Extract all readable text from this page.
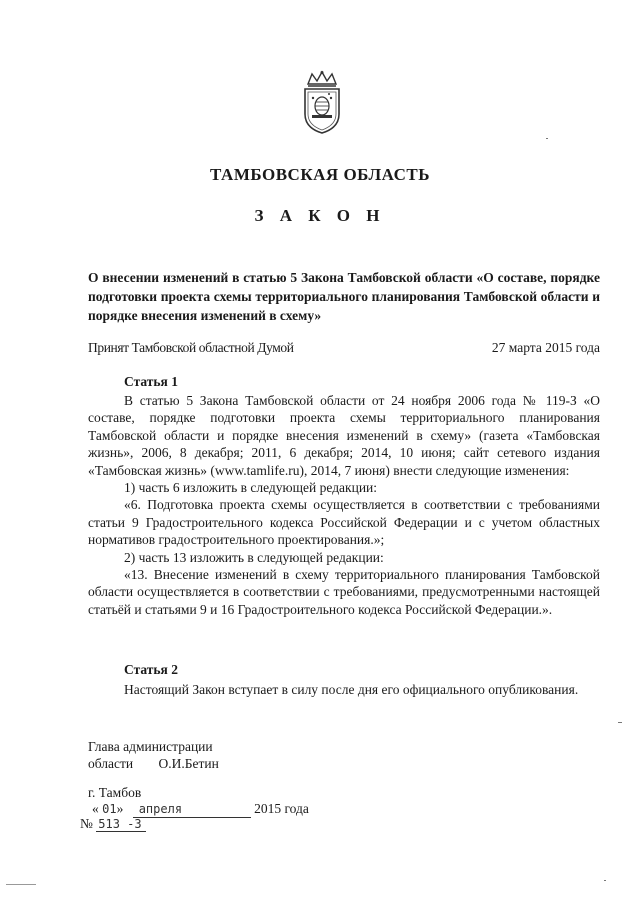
ТАМБОВСКАЯ ОБЛАСТЬ
З А К О Н
О внесении изменений в статью 5 Закона Тамбовской области «О составе, порядке подготовки проекта схемы территориального планирования Тамбовской области и порядке внесения изменений в схему»
Принят Тамбовской областной Думой	27 марта 2015 года
Статья 1
В статью 5 Закона Тамбовской области от 24 ноября 2006 года № 119-З «О составе, порядке подготовки проекта схемы территориального планирования Тамбовской области и порядке внесения изменений в схему» (газета «Тамбовская жизнь», 2006, 8 декабря; 2011, 6 декабря; 2014, 10 июня; сайт сетевого издания «Тамбовская жизнь» (www.tamlife.ru), 2014, 7 июня) внести следующие изменения:
1) часть 6 изложить в следующей редакции:
«6. Подготовка проекта схемы осуществляется в соответствии с требованиями статьи 9 Градостроительного кодекса Российской Федерации и с учетом областных нормативов градостроительного проектирования.»;
2) часть 13 изложить в следующей редакции:
«13. Внесение изменений в схему территориального планирования Тамбовской области осуществляется в соответствии с требованиями, предусмотренными настоящей статьёй и статьями 9 и 16 Градостроительного кодекса Российской Федерации.».
Статья 2
Настоящий Закон вступает в силу после дня его официального опубликования.
Глава администрации
области О.И.Бетин
г. Тамбов
« 01» апреля	2015 года
№ 513 -З
